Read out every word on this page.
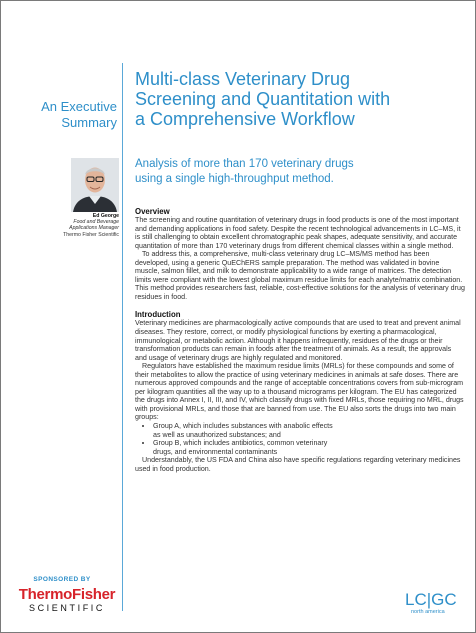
An Executive
Summary
Multi-class Veterinary Drug
Screening and Quantitation with
a Comprehensive Workflow
Analysis of more than 170 veterinary drugs
using a single high-throughput method.
Ed George
Food and Beverage
Applications Manager
Thermo Fisher Scientific
Overview

The screening and routine quantitation of veterinary drugs in food products is one of the most important and demanding applications in food safety. Despite the recent technological advancements in LC–MS, it is still challenging to obtain excellent chromatographic peak shapes, adequate sensitivity, and accurate quantitation of more than 170 veterinary drugs from different chemical classes within a single method.

To address this, a comprehensive, multi-class veterinary drug LC–MS/MS method has been developed, using a generic QuEChERS sample preparation. The method was validated in bovine muscle, salmon fillet, and milk to demonstrate applicability to a wide range of matrices. The detection limits were compliant with the lowest global maximum residue limits for each analyte/matrix combination. This method provides researchers fast, reliable, cost-effective solutions for the analysis of veterinary drug residues in food.

Introduction

Veterinary medicines are pharmacologically active compounds that are used to treat and prevent animal diseases. They restore, correct, or modify physiological functions by exerting a pharmacological, immunological, or metabolic action. Although it happens infrequently, residues of the drugs or their transformation products can remain in foods after the treatment of animals. As a result, the approvals and usage of veterinary drugs are highly regulated and monitored.

Regulators have established the maximum residue limits (MRLs) for these compounds and some of their metabolites to allow the practice of using veterinary medicines in animals at safe doses. There are numerous approved compounds and the range of acceptable concentrations covers from sub-microgram per kilogram quantities all the way up to a thousand micrograms per kilogram. The EU has categorized the drugs into Annex I, II, III, and IV, which classify drugs with fixed MRLs, those requiring no MRL, drugs with provisional MRLs, and those that are banned from use. The EU also sorts the drugs into two main groups:

• Group A, which includes substances with anabolic effects
as well as unauthorized substances; and
• Group B, which includes antibiotics, common veterinary
drugs, and environmental contaminants

Understandably, the US FDA and China also have specific regulations regarding veterinary medicines used in food production.

SPONSORED BY
ThermoFisher
SCIENTIFIC	LC|GC
north america
